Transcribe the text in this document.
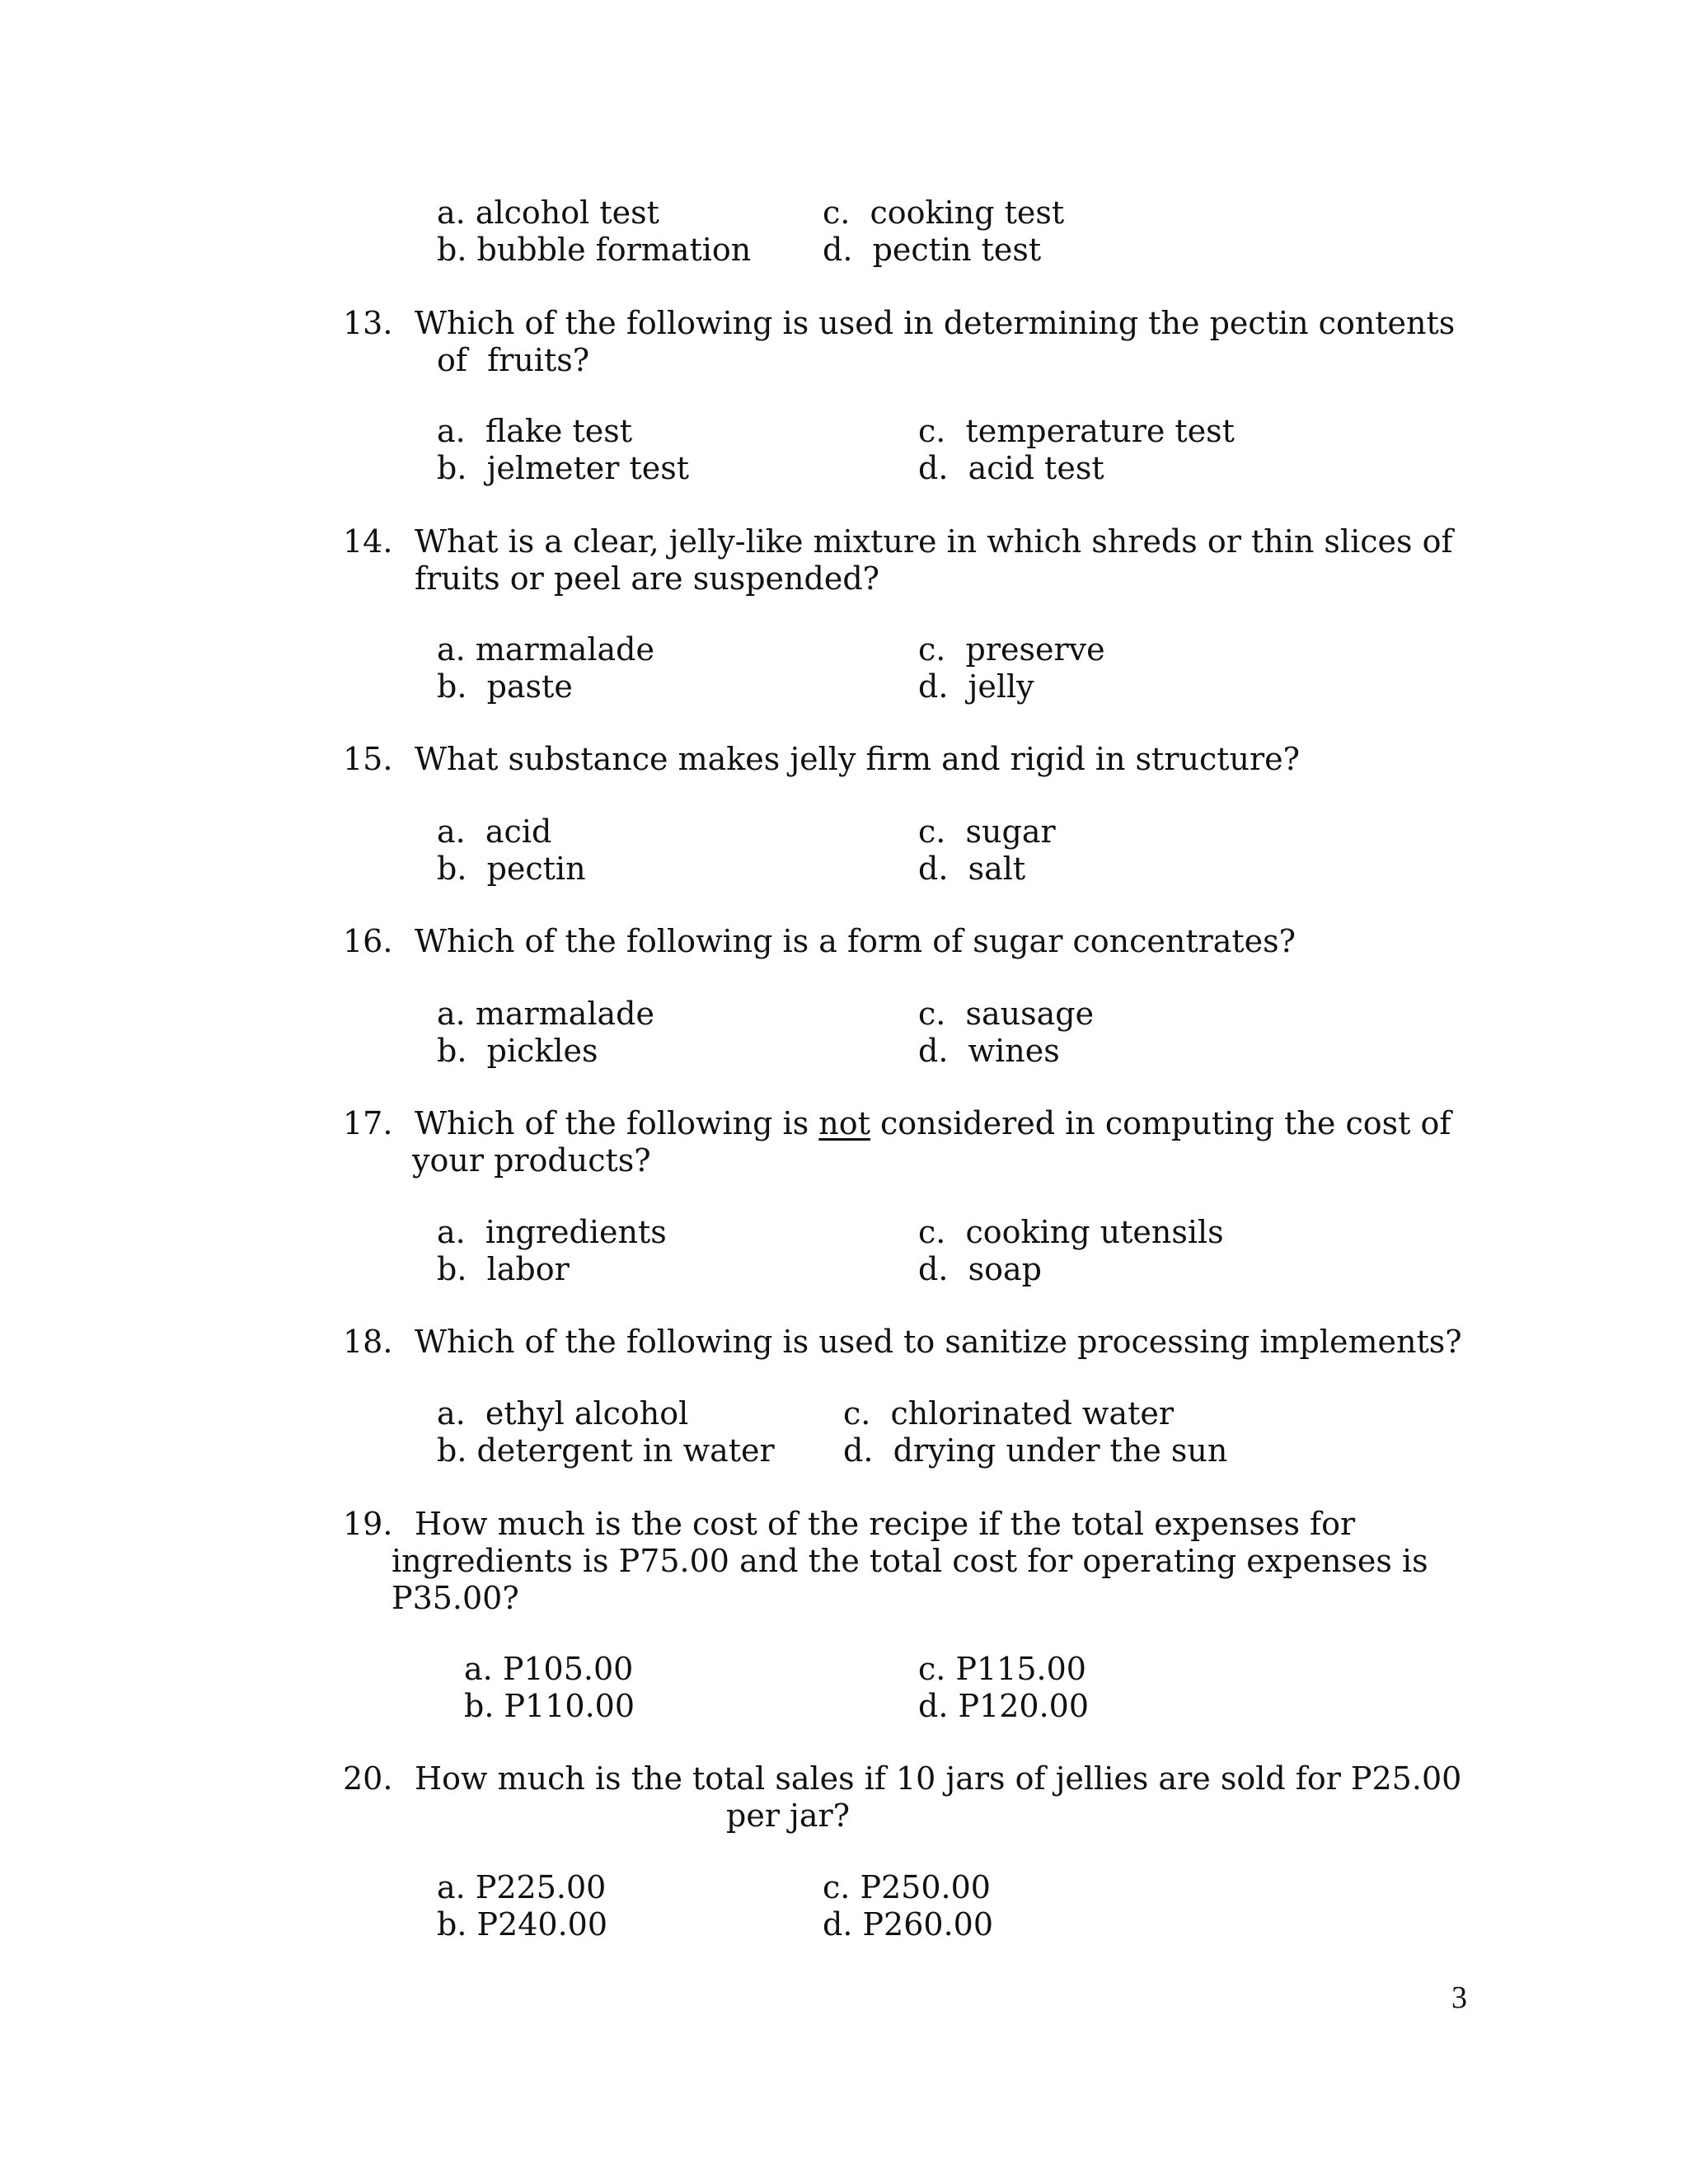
a. alcohol test
b. bubble formation
c.  cooking test
d.  pectin test
13. Which of the following is used in determining the pectin contents
of  fruits?
a.  flake test
b.  jelmeter test
c.  temperature test
d.  acid test
14. What is a clear, jelly-like mixture in which shreds or thin slices of
fruits or peel are suspended?
a. marmalade
b.  paste
c.  preserve
d.  jelly
15. What substance makes jelly firm and rigid in structure?
a.  acid
b.  pectin
c.  sugar
d.  salt
16. Which of the following is a form of sugar concentrates?
a. marmalade
b.  pickles
c.  sausage
d.  wines
17. Which of the following is not considered in computing the cost of
your products?
a.  ingredients
b.  labor
c.  cooking utensils
d.  soap
18. Which of the following is used to sanitize processing implements?
a.  ethyl alcohol
b. detergent in water
c.  chlorinated water
d.  drying under the sun
19. How much is the cost of the recipe if the total expenses for
ingredients is P75.00 and the total cost for operating expenses is
P35.00?
a. P105.00
b. P110.00
c. P115.00
d. P120.00
20. How much is the total sales if 10 jars of jellies are sold for P25.00
per jar?
a. P225.00
b. P240.00
c. P250.00
d. P260.00
3
